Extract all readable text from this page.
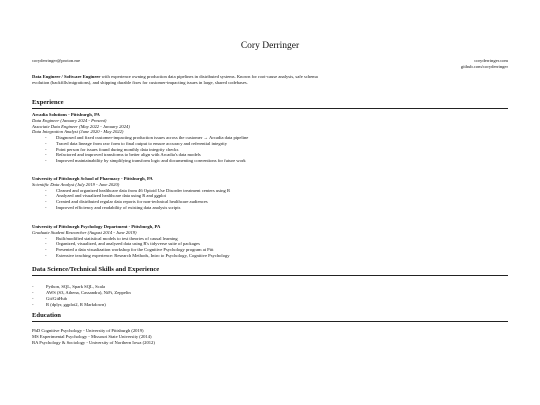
Cory Derringer
coryderringer@proton.me	coryderringer.com
github.com/coryderringer
Data Engineer / Software Engineer with experience owning production data pipelines in distributed systems. Known for root-cause analysis, safe schema evolution (backfills/migrations), and shipping durable fixes for customer-impacting issues in large, shared codebases.
Experience
Arcadia Solutions - Pittsburgh, PA
Data Engineer (January 2024 - Present)
Associate Data Engineer (May 2022 - January 2024)
Data Integration Analyst (June 2020 - May 2022)
- Diagnosed and fixed customer-impacting production issues across the customer → Arcadia data pipeline
- Traced data lineage from raw form to final output to ensure accuracy and referential integrity
- Point person for issues found during monthly data integrity checks
- Refactored and improved transforms to better align with Arcadia's data models
- Improved maintainability by simplifying transform logic and documenting conventions for future work
University of Pittsburgh School of Pharmacy - Pittsburgh, PA
Scientific Data Analyst (July 2019 - June 2020)
- Cleaned and organized healthcare data from 46 Opioid Use Disorder treatment centers using R
- Analyzed and visualized healthcare data using R and ggplot
- Created and distributed regular data reports for non-technical healthcare audiences
- Improved efficiency and readability of existing data analysis scripts
University of Pittsburgh Psychology Department - Pittsburgh, PA
Graduate Student Researcher (August 2014 - June 2019)
- Built/modified statistical models to test theories of causal learning
- Organized, visualized, and analyzed data using R's tidyverse suite of packages
- Presented a data visualization workshop for the Cognitive Psychology program at Pitt
- Extensive teaching experience: Research Methods, Intro to Psychology, Cognitive Psychology
Data Science/Technical Skills and Experience
- Python, SQL, Spark SQL, Scala
- AWS (S3, Athena, Cassandra), NiFi, Zeppelin
- Git/GitHub
- R (dplyr, ggplot2, R Markdown)
Education
PhD Cognitive Psychology - University of Pittsburgh (2019)
MS Experimental Psychology - Missouri State University (2014)
BA Psychology & Sociology - University of Northern Iowa (2012)
